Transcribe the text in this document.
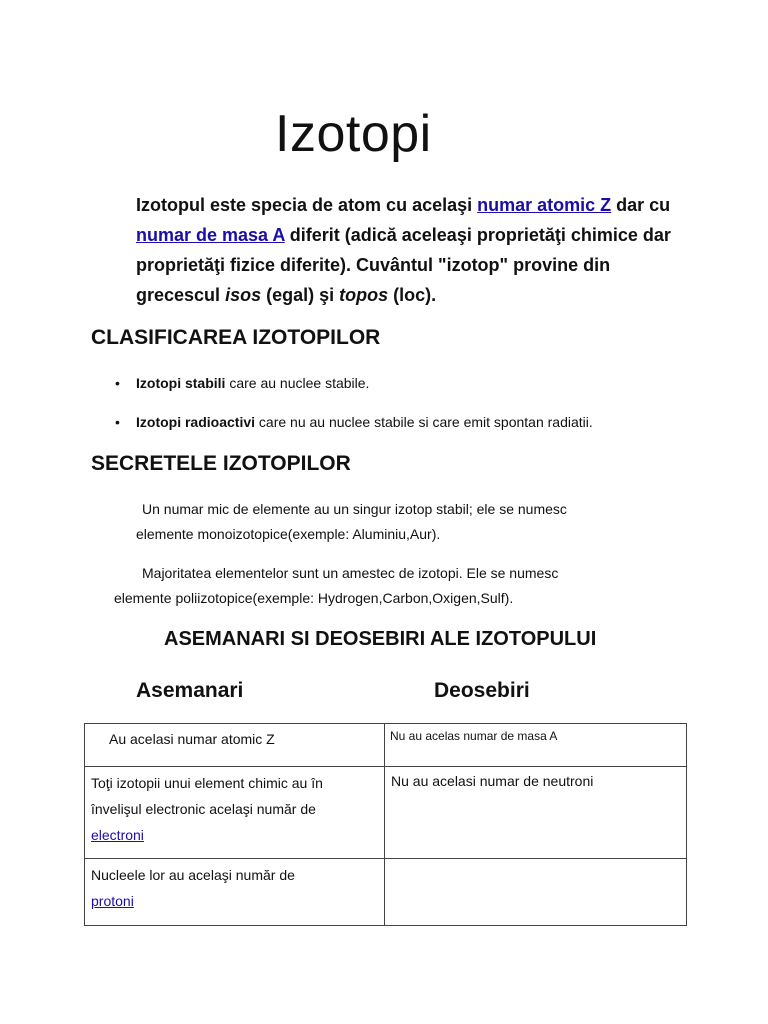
Izotopi

Izotopul este specia de atom cu acelaşi numar atomic Z dar cu

numar de masa A diferit (adică aceleaşi proprietăţi chimice dar

proprietăţi fizice diferite). Cuvântul "izotop" provine din

grecescul isos (egal) şi topos (loc).

CLASIFICAREA IZOTOPILOR
• Izotopi stabili care au nuclee stabile.
• Izotopi radioactivi care nu au nuclee stabile si care emit spontan radiatii.
SECRETELE IZOTOPILOR
Un numar mic de elemente au un singur izotop stabil; ele se numesc
elemente monoizotopice(exemple: Aluminiu,Aur).
Majoritatea elementelor sunt un amestec de izotopi. Ele se numesc
elemente poliizotopice(exemple: Hydrogen,Carbon,Oxigen,Sulf).
ASEMANARI SI DEOSEBIRI ALE IZOTOPULUI
Asemanari	Deosebiri
Au acelasi numar atomic Z	Nu au acelas numar de masa A

Toţi izotopii unui element chimic au în
învelişul electronic acelaşi număr de
electroni	Nu au acelasi numar de neutroni

Nucleele lor au acelaşi număr de
protoni	
